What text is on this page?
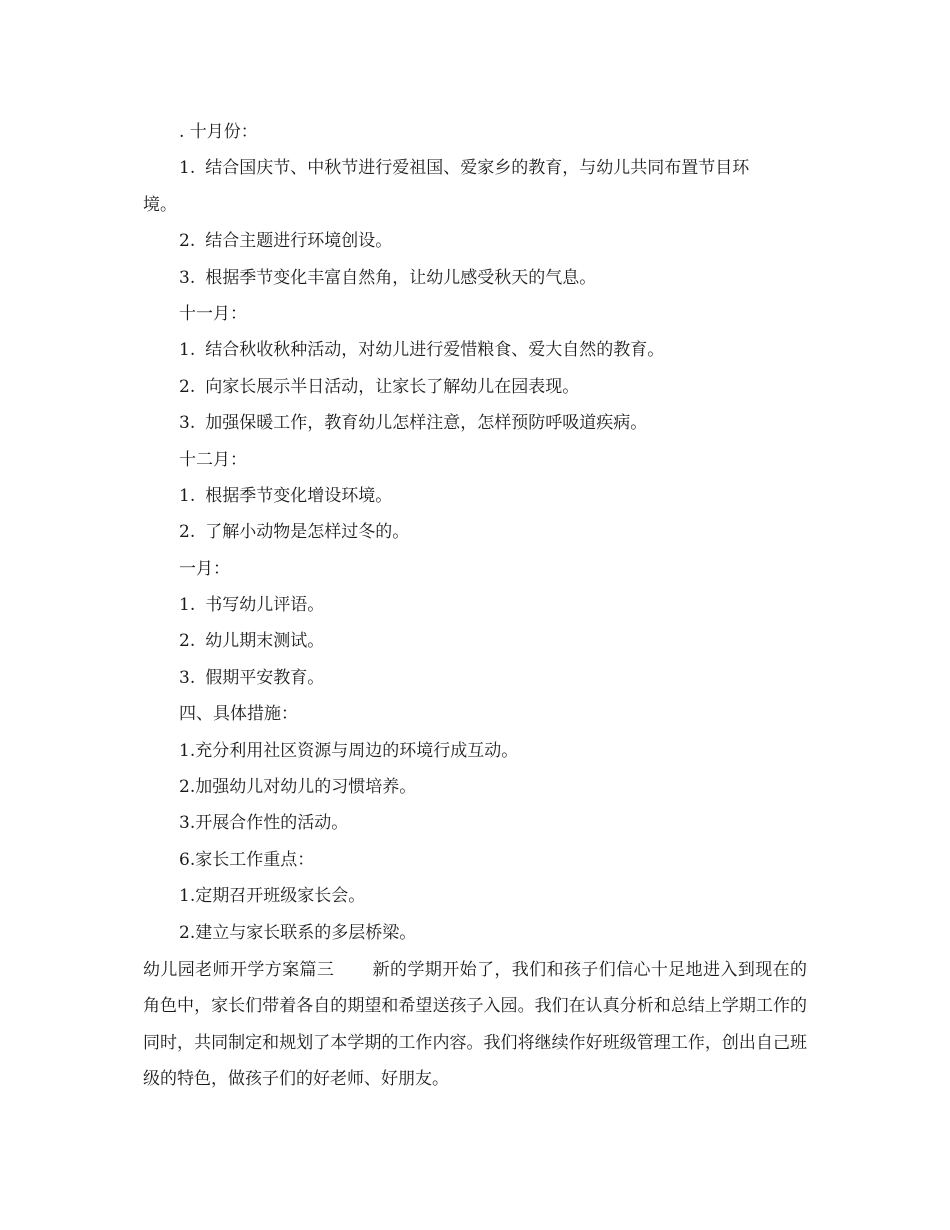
. 十月份：
1. 结合国庆节、中秋节进行爱祖国、爱家乡的教育，与幼儿共同布置节目环
境。
2. 结合主题进行环境创设。
3. 根据季节变化丰富自然角，让幼儿感受秋天的气息。
十一月：
1. 结合秋收秋种活动，对幼儿进行爱惜粮食、爱大自然的教育。
2. 向家长展示半日活动，让家长了解幼儿在园表现。
3. 加强保暖工作，教育幼儿怎样注意，怎样预防呼吸道疾病。
十二月：
1. 根据季节变化增设环境。
2. 了解小动物是怎样过冬的。
一月：
1. 书写幼儿评语。
2. 幼儿期末测试。
3. 假期平安教育。
四、具体措施：
1.充分利用社区资源与周边的环境行成互动。
2.加强幼儿对幼儿的习惯培养。
3.开展合作性的活动。
6.家长工作重点：
1.定期召开班级家长会。
2.建立与家长联系的多层桥梁。
幼儿园老师开学方案篇三 新的学期开始了，我们和孩子们信心十足地进入到现在的角色中，家长们带着各自的期望和希望送孩子入园。我们在认真分析和总结上学期工作的同时，共同制定和规划了本学期的工作内容。我们将继续作好班级管理工作，创出自己班级的特色，做孩子们的好老师、好朋友。
